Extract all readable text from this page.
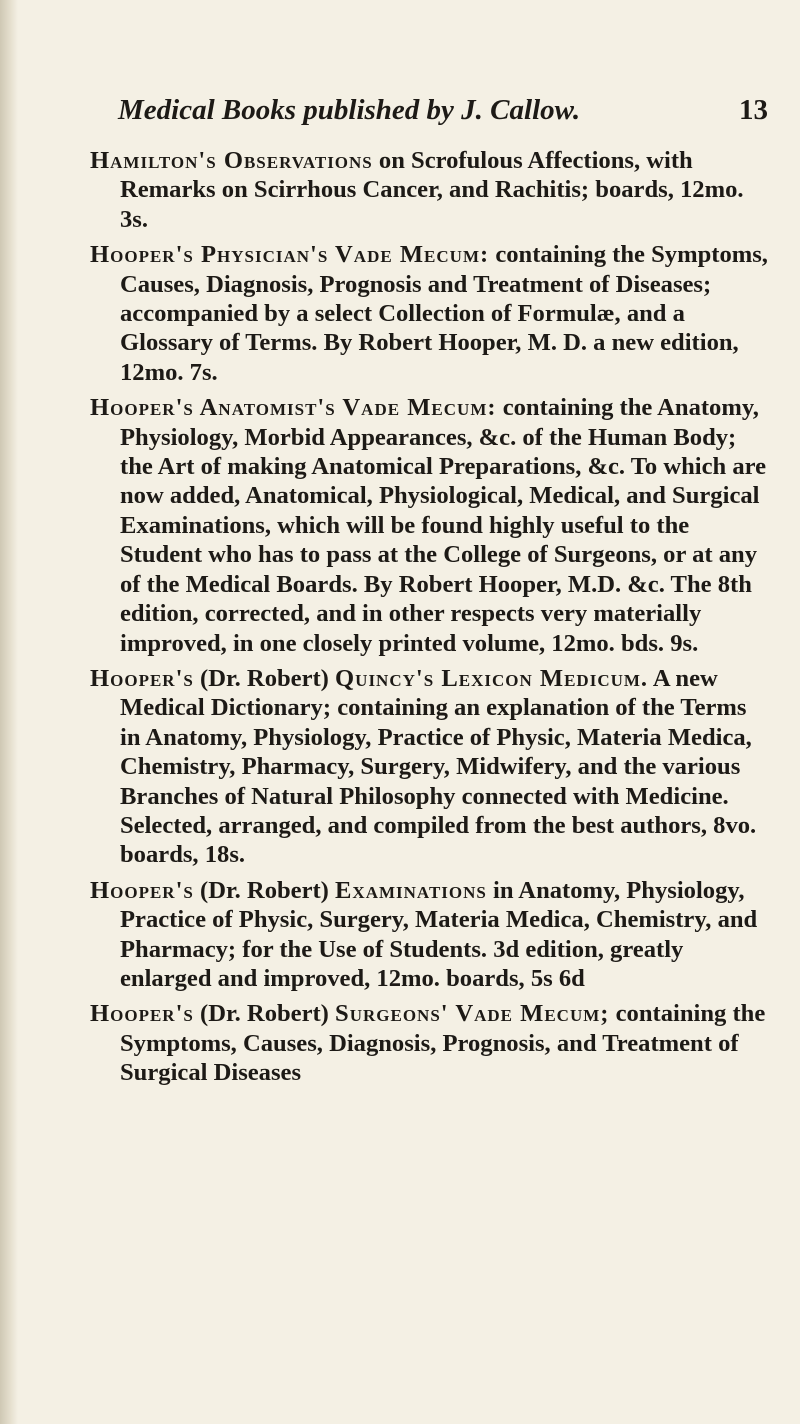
Medical Books published by J. Callow.	13

Hamilton's Observations on Scrofulous Affections, with Remarks on Scirrhous Cancer, and Rachitis; boards, 12mo. 3s.

Hooper's Physician's Vade Mecum: containing the Symptoms, Causes, Diagnosis, Prognosis and Treatment of Diseases; accompanied by a select Collection of Formulæ, and a Glossary of Terms. By Robert Hooper, M. D. a new edition, 12mo. 7s.

Hooper's Anatomist's Vade Mecum: containing the Anatomy, Physiology, Morbid Appearances, &c. of the Human Body; the Art of making Anatomical Preparations, &c. To which are now added, Anatomical, Physiological, Medical, and Surgical Examinations, which will be found highly useful to the Student who has to pass at the College of Surgeons, or at any of the Medical Boards. By Robert Hooper, M.D. &c. The 8th edition, corrected, and in other respects very materially improved, in one closely printed volume, 12mo. bds. 9s.

Hooper's (Dr. Robert) Quincy's Lexicon Medicum. A new Medical Dictionary; containing an explanation of the Terms in Anatomy, Physiology, Practice of Physic, Materia Medica, Chemistry, Pharmacy, Surgery, Midwifery, and the various Branches of Natural Philosophy connected with Medicine. Selected, arranged, and compiled from the best authors, 8vo. boards, 18s.

Hooper's (Dr. Robert) Examinations in Anatomy, Physiology, Practice of Physic, Surgery, Materia Medica, Chemistry, and Pharmacy; for the Use of Students. 3d edition, greatly enlarged and improved, 12mo. boards, 5s 6d

Hooper's (Dr. Robert) Surgeons' Vade Mecum; containing the Symptoms, Causes, Diagnosis, Prognosis, and Treatment of Surgical Diseases
